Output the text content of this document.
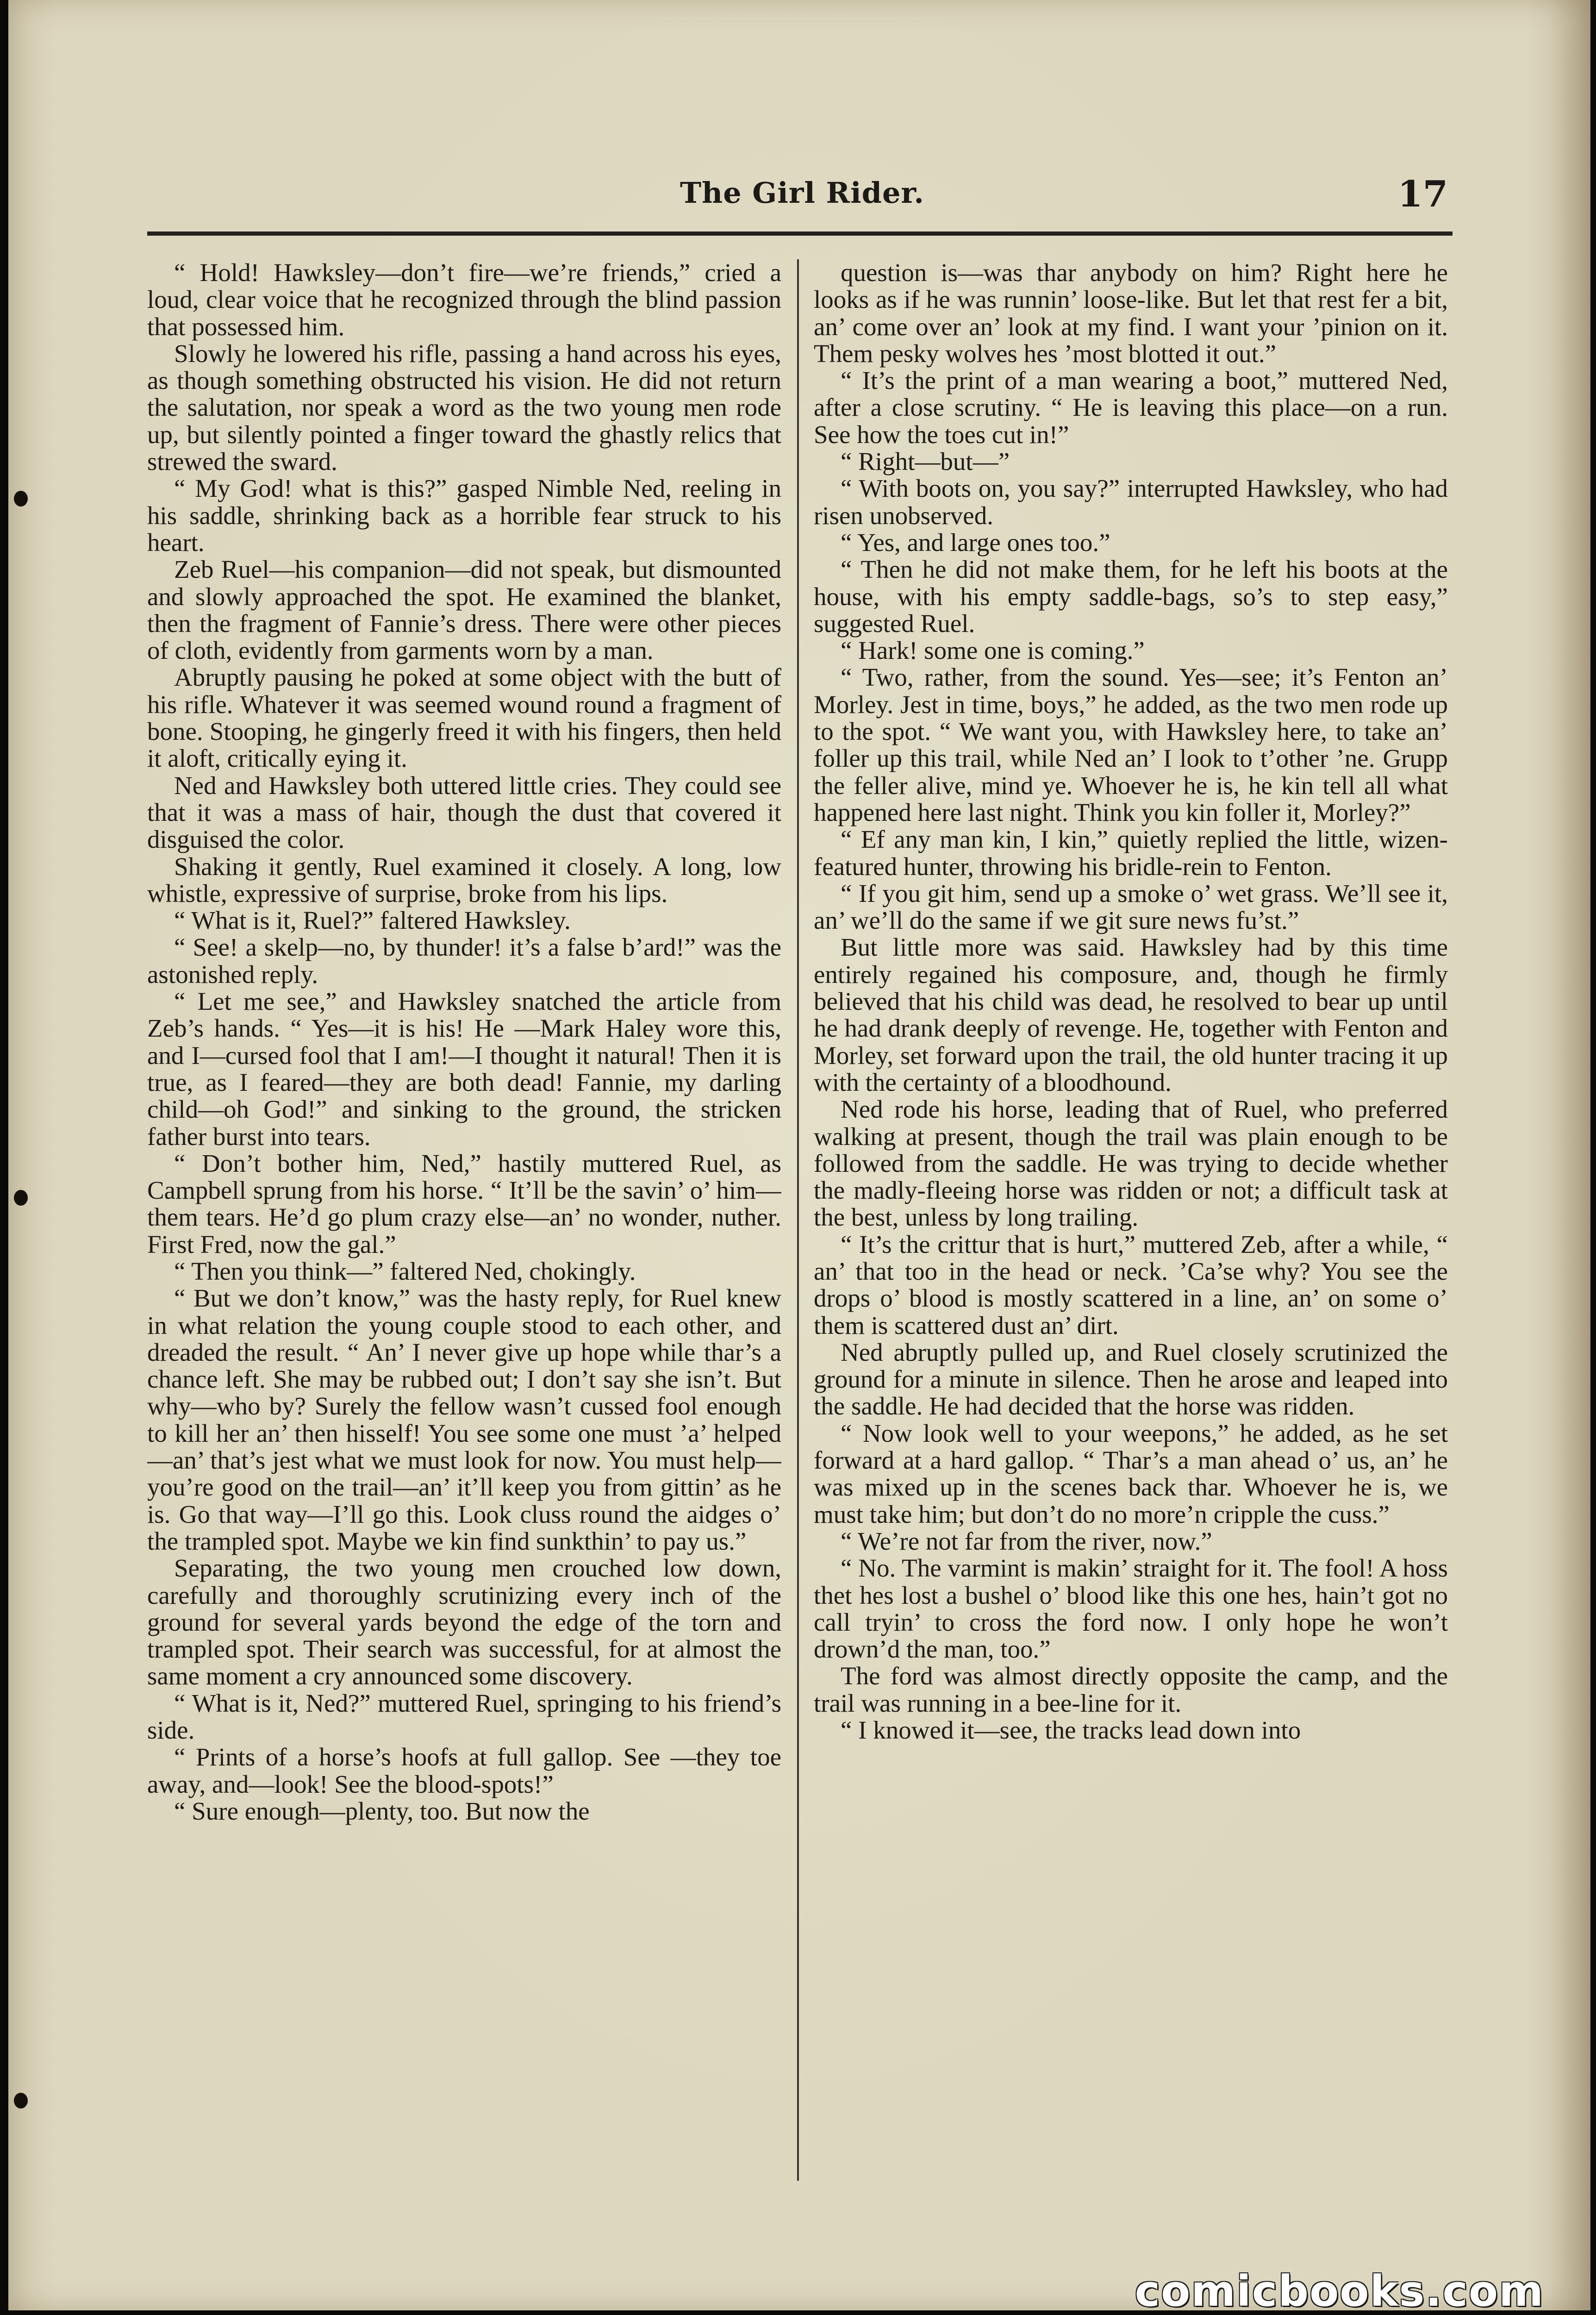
The Girl Rider.	17

“ Hold! Hawksley—don’t fire—we’re friends,” cried a loud, clear voice that he recognized through the blind passion that possessed him.

Slowly he lowered his rifle, passing a hand across his eyes, as though something obstructed his vision. He did not return the salutation, nor speak a word as the two young men rode up, but silently pointed a finger toward the ghastly relics that strewed the sward.

“ My God! what is this?” gasped Nimble Ned, reeling in his saddle, shrinking back as a horrible fear struck to his heart.

Zeb Ruel—his companion—did not speak, but dismounted and slowly approached the spot. He examined the blanket, then the fragment of Fannie’s dress. There were other pieces of cloth, evidently from garments worn by a man.

Abruptly pausing he poked at some object with the butt of his rifle. Whatever it was seemed wound round a fragment of bone. Stooping, he gingerly freed it with his fingers, then held it aloft, critically eying it.

Ned and Hawksley both uttered little cries. They could see that it was a mass of hair, though the dust that covered it disguised the color.

Shaking it gently, Ruel examined it closely. A long, low whistle, expressive of surprise, broke from his lips.

“ What is it, Ruel?” faltered Hawksley.

“ See! a skelp—no, by thunder! it’s a false b’ard!” was the astonished reply.

“ Let me see,” and Hawksley snatched the article from Zeb’s hands. “ Yes—it is his! He —Mark Haley wore this, and I—cursed fool that I am!—I thought it natural! Then it is true, as I feared—they are both dead! Fannie, my darling child—oh God!” and sinking to the ground, the stricken father burst into tears.

“ Don’t bother him, Ned,” hastily muttered Ruel, as Campbell sprung from his horse. “ It’ll be the savin’ o’ him—them tears. He’d go plum crazy else—an’ no wonder, nuther. First Fred, now the gal.”

“ Then you think—” faltered Ned, chokingly.

“ But we don’t know,” was the hasty reply, for Ruel knew in what relation the young couple stood to each other, and dreaded the result. “ An’ I never give up hope while thar’s a chance left. She may be rubbed out; I don’t say she isn’t. But why—who by? Surely the fellow wasn’t cussed fool enough to kill her an’ then hisself! You see some one must ’a’ helped—an’ that’s jest what we must look for now. You must help—you’re good on the trail—an’ it’ll keep you from gittin’ as he is. Go that way—I’ll go this. Look cluss round the aidges o’ the trampled spot. Maybe we kin find sunkthin’ to pay us.”

Separating, the two young men crouched low down, carefully and thoroughly scrutinizing every inch of the ground for several yards beyond the edge of the torn and trampled spot. Their search was successful, for at almost the same moment a cry announced some discovery.

“ What is it, Ned?” muttered Ruel, springing to his friend’s side.

“ Prints of a horse’s hoofs at full gallop. See —they toe away, and—look! See the blood-spots!”

“ Sure enough—plenty, too. But now the

question is—was thar anybody on him? Right here he looks as if he was runnin’ loose-like. But let that rest fer a bit, an’ come over an’ look at my find. I want your ’pinion on it. Them pesky wolves hes ’most blotted it out.”

“ It’s the print of a man wearing a boot,” muttered Ned, after a close scrutiny. “ He is leaving this place—on a run. See how the toes cut in!”

“ Right—but—”

“ With boots on, you say?” interrupted Hawksley, who had risen unobserved.

“ Yes, and large ones too.”

“ Then he did not make them, for he left his boots at the house, with his empty saddle-bags, so’s to step easy,” suggested Ruel.

“ Hark! some one is coming.”

“ Two, rather, from the sound. Yes—see; it’s Fenton an’ Morley. Jest in time, boys,” he added, as the two men rode up to the spot. “ We want you, with Hawksley here, to take an’ foller up this trail, while Ned an’ I look to t’other ’ne. Grupp the feller alive, mind ye. Whoever he is, he kin tell all what happened here last night. Think you kin foller it, Morley?”

“ Ef any man kin, I kin,” quietly replied the little, wizen-featured hunter, throwing his bridle-rein to Fenton.

“ If you git him, send up a smoke o’ wet grass. We’ll see it, an’ we’ll do the same if we git sure news fu’st.”

But little more was said. Hawksley had by this time entirely regained his composure, and, though he firmly believed that his child was dead, he resolved to bear up until he had drank deeply of revenge. He, together with Fenton and Morley, set forward upon the trail, the old hunter tracing it up with the certainty of a bloodhound.

Ned rode his horse, leading that of Ruel, who preferred walking at present, though the trail was plain enough to be followed from the saddle. He was trying to decide whether the madly-fleeing horse was ridden or not; a difficult task at the best, unless by long trailing.

“ It’s the crittur that is hurt,” muttered Zeb, after a while, “ an’ that too in the head or neck. ’Ca’se why? You see the drops o’ blood is mostly scattered in a line, an’ on some o’ them is scattered dust an’ dirt.

Ned abruptly pulled up, and Ruel closely scrutinized the ground for a minute in silence. Then he arose and leaped into the saddle. He had decided that the horse was ridden.

“ Now look well to your weepons,” he added, as he set forward at a hard gallop. “ Thar’s a man ahead o’ us, an’ he was mixed up in the scenes back thar. Whoever he is, we must take him; but don’t do no more’n cripple the cuss.”

“ We’re not far from the river, now.”

“ No. The varmint is makin’ straight for it. The fool! A hoss thet hes lost a bushel o’ blood like this one hes, hain’t got no call tryin’ to cross the ford now. I only hope he won’t drown’d the man, too.”

The ford was almost directly opposite the camp, and the trail was running in a bee-line for it.

“ I knowed it—see, the tracks lead down into

comicbooks.com
